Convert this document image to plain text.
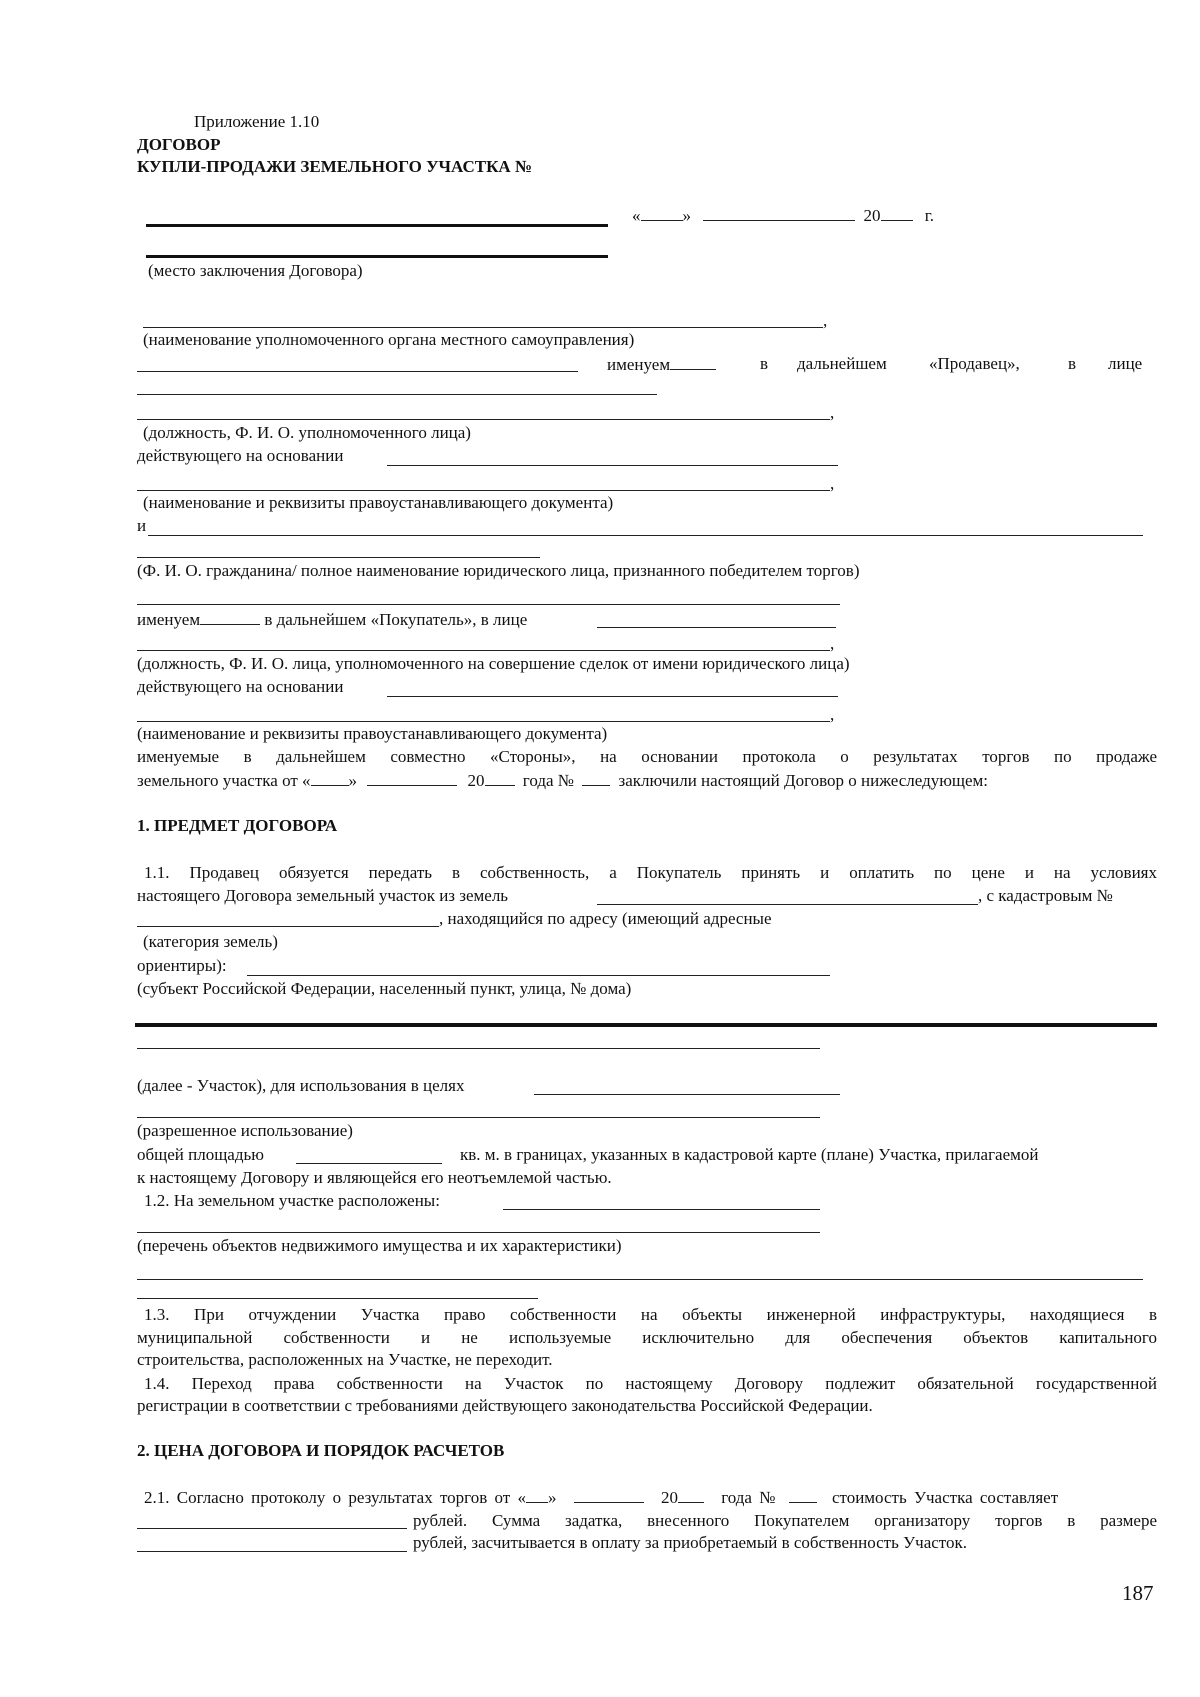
Приложение 1.10
ДОГОВОР
КУПЛИ-ПРОДАЖИ ЗЕМЕЛЬНОГО УЧАСТКА №
« »	20	г.
(место заключения Договора)
,
(наименование уполномоченного органа местного самоуправления)
именуем	в дальнейшем «Продавец»,	в лице
,
(должность, Ф. И. О. уполномоченного лица)
действующего на основании
,
(наименование и реквизиты правоустанавливающего документа)
и
(Ф. И. О. гражданина/ полное наименование юридического лица, признанного победителем торгов)
именуем	в дальнейшем «Покупатель», в лице
,
(должность, Ф. И. О. лица, уполномоченного на совершение сделок от имени юридического лица)
действующего на основании
,
(наименование и реквизиты правоустанавливающего документа)
именуемые в дальнейшем совместно «Стороны», на основании протокола о результатах торгов по продаже
земельного участка от « »	20 года №	заключили настоящий Договор о нижеследующем:
1. ПРЕДМЕТ ДОГОВОРА
1.1. Продавец обязуется передать в собственность, а Покупатель принять и оплатить по цене и на условиях
настоящего Договора земельный участок из земель	, с кадастровым №
, находящийся по адресу (имеющий адресные
(категория земель)
ориентиры):
(субъект Российской Федерации, населенный пункт, улица, № дома)
(далее - Участок), для использования в целях
(разрешенное использование)
общей площадью	кв. м. в границах, указанных в кадастровой карте (плане) Участка, прилагаемой
к настоящему Договору и являющейся его неотъемлемой частью.
1.2. На земельном участке расположены:
(перечень объектов недвижимого имущества и их характеристики)
1.3. При отчуждении Участка право собственности на объекты инженерной инфраструктуры, находящиеся в
муниципальной собственности и не используемые исключительно для обеспечения объектов капитального
строительства, расположенных на Участке, не переходит.
1.4. Переход права собственности на Участок по настоящему Договору подлежит обязательной государственной
регистрации в соответствии с требованиями действующего законодательства Российской Федерации.
2. ЦЕНА ДОГОВОРА И ПОРЯДОК РАСЧЕТОВ
2.1. Согласно протоколу о результатах торгов от « »	20	года №	стоимость Участка составляет
рублей. Сумма задатка, внесенного Покупателем организатору торгов в размере
рублей, засчитывается в оплату за приобретаемый в собственность Участок.
187
